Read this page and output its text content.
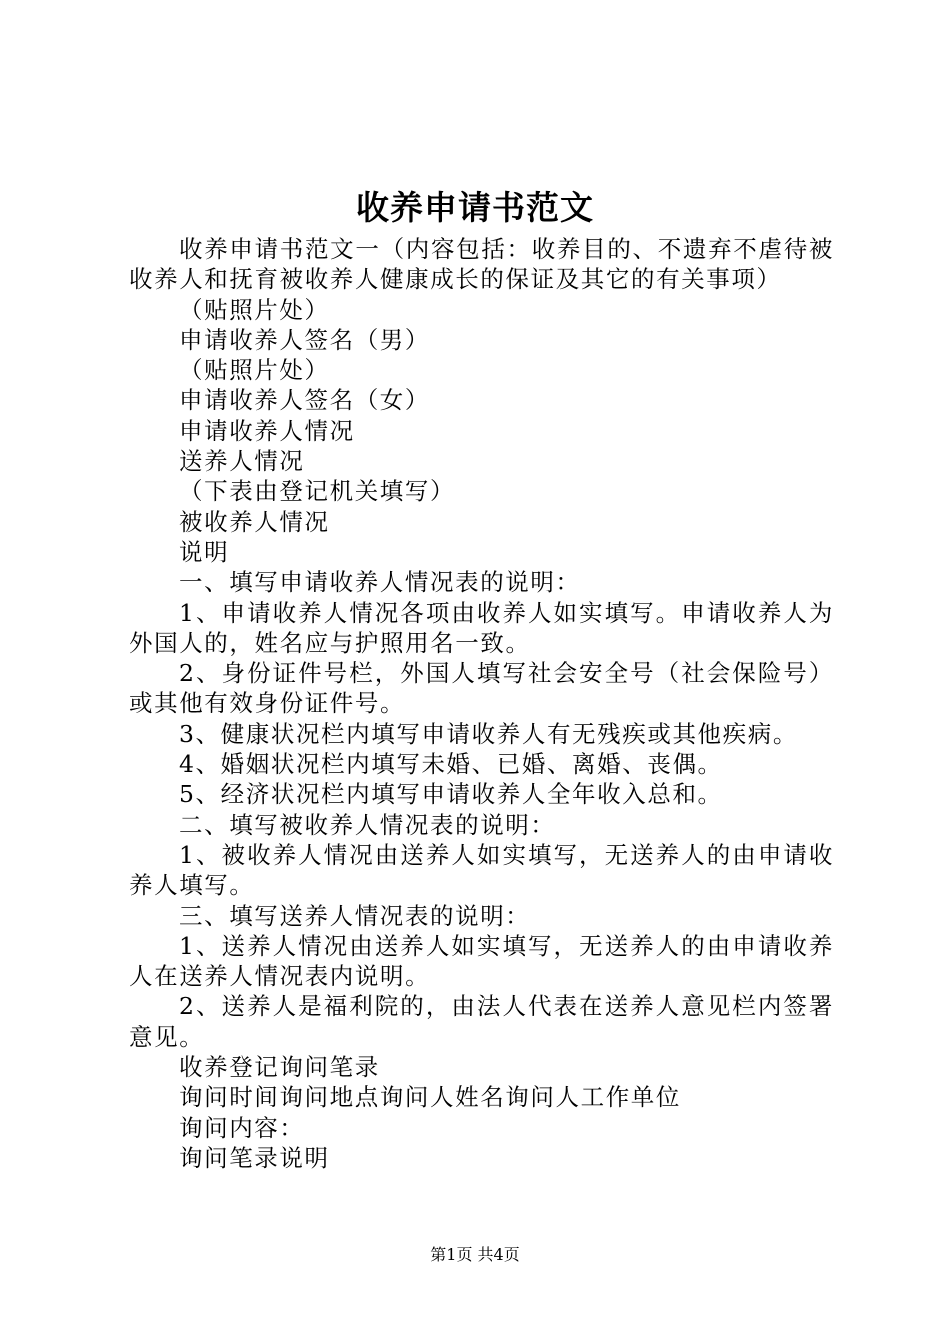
收养申请书范文

收养申请书范文一（内容包括：收养目的、不遗弃不虐待被收养人和抚育被收养人健康成长的保证及其它的有关事项）

（贴照片处）

申请收养人签名（男）

（贴照片处）

申请收养人签名（女）

申请收养人情况

送养人情况

（下表由登记机关填写）

被收养人情况

说明

一、填写申请收养人情况表的说明：

1、申请收养人情况各项由收养人如实填写。申请收养人为外国人的，姓名应与护照用名一致。

2、身份证件号栏，外国人填写社会安全号（社会保险号）或其他有效身份证件号。

3、健康状况栏内填写申请收养人有无残疾或其他疾病。

4、婚姻状况栏内填写未婚、已婚、离婚、丧偶。

5、经济状况栏内填写申请收养人全年收入总和。

二、填写被收养人情况表的说明：

1、被收养人情况由送养人如实填写，无送养人的由申请收养人填写。

三、填写送养人情况表的说明：

1、送养人情况由送养人如实填写，无送养人的由申请收养人在送养人情况表内说明。

2、送养人是福利院的，由法人代表在送养人意见栏内签署意见。

收养登记询问笔录

询问时间询问地点询问人姓名询问人工作单位

询问内容：

询问笔录说明

第1页 共4页
